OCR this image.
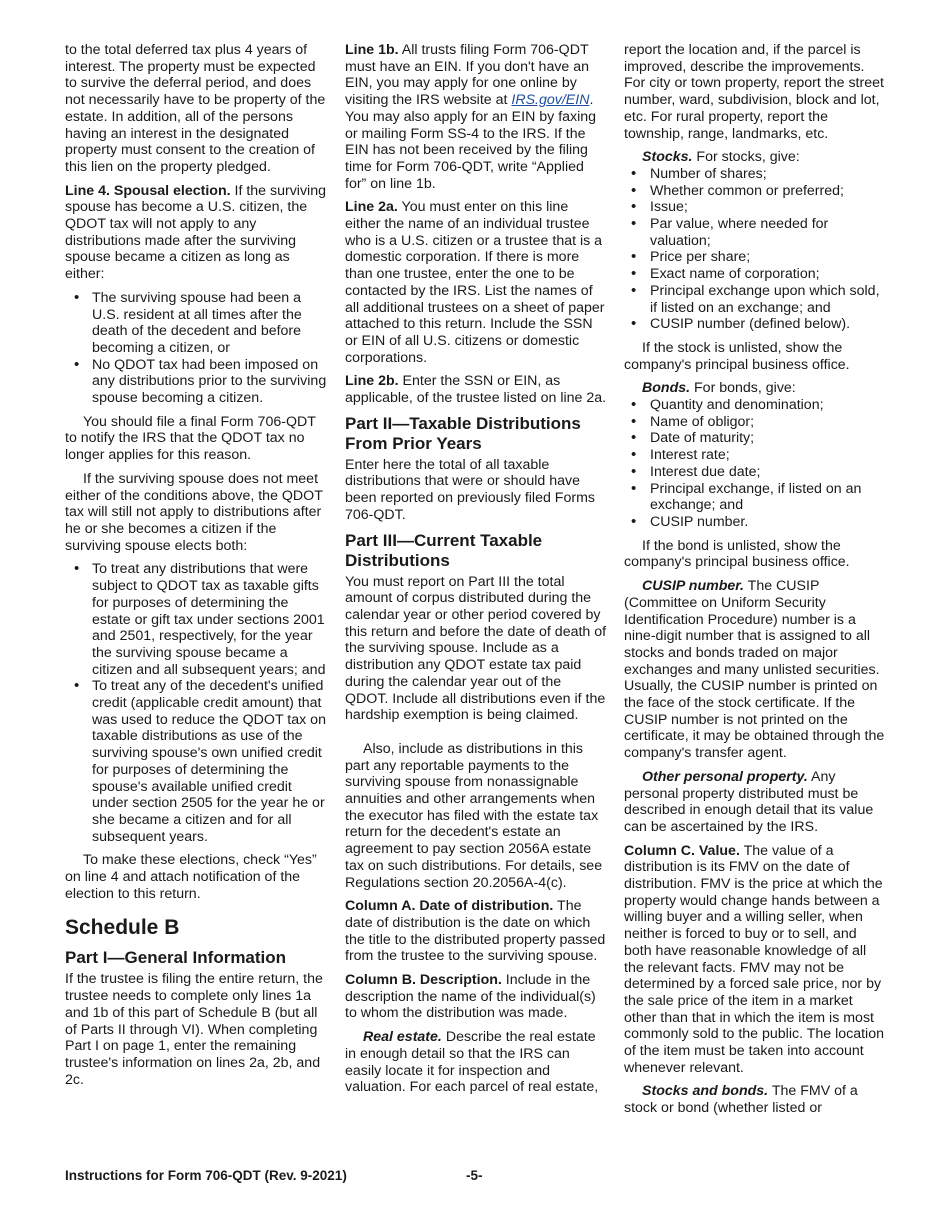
to the total deferred tax plus 4 years of interest. The property must be expected to survive the deferral period, and does not necessarily have to be property of the estate. In addition, all of the persons having an interest in the designated property must consent to the creation of this lien on the property pledged.

Line 4. Spousal election. If the surviving spouse has become a U.S. citizen, the QDOT tax will not apply to any distributions made after the surviving spouse became a citizen as long as either:

• The surviving spouse had been a U.S. resident at all times after the death of the decedent and before becoming a citizen, or
• No QDOT tax had been imposed on any distributions prior to the surviving spouse becoming a citizen.

You should file a final Form 706-QDT to notify the IRS that the QDOT tax no longer applies for this reason.

If the surviving spouse does not meet either of the conditions above, the QDOT tax will still not apply to distributions after he or she becomes a citizen if the surviving spouse elects both:

• To treat any distributions that were subject to QDOT tax as taxable gifts for purposes of determining the estate or gift tax under sections 2001 and 2501, respectively, for the year the surviving spouse became a citizen and all subsequent years; and
• To treat any of the decedent's unified credit (applicable credit amount) that was used to reduce the QDOT tax on taxable distributions as use of the surviving spouse's own unified credit for purposes of determining the spouse's available unified credit under section 2505 for the year he or she became a citizen and for all subsequent years.

To make these elections, check “Yes” on line 4 and attach notification of the election to this return.

Schedule B
Part I—General Information

If the trustee is filing the entire return, the trustee needs to complete only lines 1a and 1b of this part of Schedule B (but all of Parts II through VI). When completing Part I on page 1, enter the remaining trustee's information on lines 2a, 2b, and 2c.

Line 1b. All trusts filing Form 706-QDT must have an EIN. If you don't have an EIN, you may apply for one online by visiting the IRS website at IRS.gov/EIN. You may also apply for an EIN by faxing or mailing Form SS-4 to the IRS. If the EIN has not been received by the filing time for Form 706-QDT, write “Applied for” on line 1b.

Line 2a. You must enter on this line either the name of an individual trustee who is a U.S. citizen or a trustee that is a domestic corporation. If there is more than one trustee, enter the one to be contacted by the IRS. List the names of all additional trustees on a sheet of paper attached to this return. Include the SSN or EIN of all U.S. citizens or domestic corporations.

Line 2b. Enter the SSN or EIN, as applicable, of the trustee listed on line 2a.

Part II—Taxable Distributions From Prior Years

Enter here the total of all taxable distributions that were or should have been reported on previously filed Forms 706-QDT.

Part III—Current Taxable Distributions

You must report on Part III the total amount of corpus distributed during the calendar year or other period covered by this return and before the date of death of the surviving spouse. Include as a distribution any QDOT estate tax paid during the calendar year out of the QDOT. Include all distributions even if the hardship exemption is being claimed.

Also, include as distributions in this part any reportable payments to the surviving spouse from nonassignable annuities and other arrangements when the executor has filed with the estate tax return for the decedent's estate an agreement to pay section 2056A estate tax on such distributions. For details, see Regulations section 20.2056A-4(c).

Column A. Date of distribution. The date of distribution is the date on which the title to the distributed property passed from the trustee to the surviving spouse.

Column B. Description. Include in the description the name of the individual(s) to whom the distribution was made.

Real estate. Describe the real estate in enough detail so that the IRS can easily locate it for inspection and valuation. For each parcel of real estate,

report the location and, if the parcel is improved, describe the improvements. For city or town property, report the street number, ward, subdivision, block and lot, etc. For rural property, report the township, range, landmarks, etc.

Stocks. For stocks, give:

• Number of shares;
• Whether common or preferred;
• Issue;
• Par value, where needed for valuation;
• Price per share;
• Exact name of corporation;
• Principal exchange upon which sold, if listed on an exchange; and
• CUSIP number (defined below).

If the stock is unlisted, show the company's principal business office.

Bonds. For bonds, give:

• Quantity and denomination;
• Name of obligor;
• Date of maturity;
• Interest rate;
• Interest due date;
• Principal exchange, if listed on an exchange; and
• CUSIP number.

If the bond is unlisted, show the company's principal business office.

CUSIP number. The CUSIP (Committee on Uniform Security Identification Procedure) number is a nine-digit number that is assigned to all stocks and bonds traded on major exchanges and many unlisted securities. Usually, the CUSIP number is printed on the face of the stock certificate. If the CUSIP number is not printed on the certificate, it may be obtained through the company's transfer agent.

Other personal property. Any personal property distributed must be described in enough detail that its value can be ascertained by the IRS.

Column C. Value. The value of a distribution is its FMV on the date of distribution. FMV is the price at which the property would change hands between a willing buyer and a willing seller, when neither is forced to buy or to sell, and both have reasonable knowledge of all the relevant facts. FMV may not be determined by a forced sale price, nor by the sale price of the item in a market other than that in which the item is most commonly sold to the public. The location of the item must be taken into account whenever relevant.

Stocks and bonds. The FMV of a stock or bond (whether listed or

Instructions for Form 706-QDT (Rev. 9-2021)	-5-
